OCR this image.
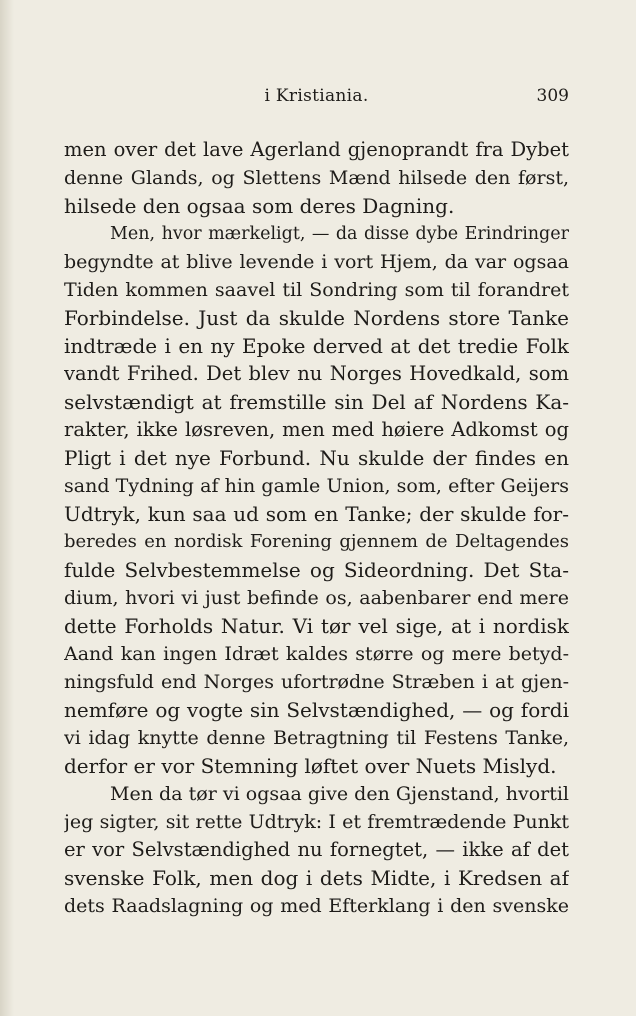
i Kristiania.	309
men over det lave Agerland gjenoprandt fra Dybet
denne Glands, og Slettens Mænd hilsede den først,
hilsede den ogsaa som deres Dagning.
Men, hvor mærkeligt, — da disse dybe Erindringer
begyndte at blive levende i vort Hjem, da var ogsaa
Tiden kommen saavel til Sondring som til forandret
Forbindelse. Just da skulde Nordens store Tanke
indtræde i en ny Epoke derved at det tredie Folk
vandt Frihed. Det blev nu Norges Hovedkald, som
selvstændigt at fremstille sin Del af Nordens Ka-
rakter, ikke løsreven, men med høiere Adkomst og
Pligt i det nye Forbund. Nu skulde der findes en
sand Tydning af hin gamle Union, som, efter Geijers
Udtryk, kun saa ud som en Tanke; der skulde for-
beredes en nordisk Forening gjennem de Deltagendes
fulde Selvbestemmelse og Sideordning. Det Sta-
dium, hvori vi just befinde os, aabenbarer end mere
dette Forholds Natur. Vi tør vel sige, at i nordisk
Aand kan ingen Idræt kaldes større og mere betyd-
ningsfuld end Norges ufortrødne Stræben i at gjen-
nemføre og vogte sin Selvstændighed, — og fordi
vi idag knytte denne Betragtning til Festens Tanke,
derfor er vor Stemning løftet over Nuets Mislyd.
Men da tør vi ogsaa give den Gjenstand, hvortil
jeg sigter, sit rette Udtryk: I et fremtrædende Punkt
er vor Selvstændighed nu fornegtet, — ikke af det
svenske Folk, men dog i dets Midte, i Kredsen af
dets Raadslagning og med Efterklang i den svenske
